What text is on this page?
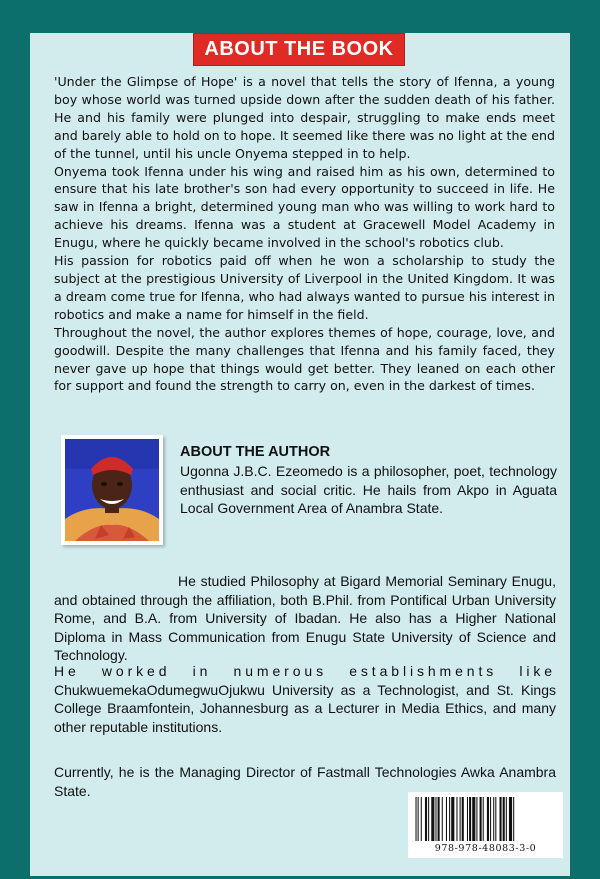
ABOUT THE BOOK

'Under the Glimpse of Hope' is a novel that tells the story of Ifenna, a young boy whose world was turned upside down after the sudden death of his father. He and his family were plunged into despair, struggling to make ends meet and barely able to hold on to hope. It seemed like there was no light at the end of the tunnel, until his uncle Onyema stepped in to help.

Onyema took Ifenna under his wing and raised him as his own, determined to ensure that his late brother's son had every opportunity to succeed in life. He saw in Ifenna a bright, determined young man who was willing to work hard to achieve his dreams. Ifenna was a student at Gracewell Model Academy in Enugu, where he quickly became involved in the school's robotics club.

His passion for robotics paid off when he won a scholarship to study the subject at the prestigious University of Liverpool in the United Kingdom. It was a dream come true for Ifenna, who had always wanted to pursue his interest in robotics and make a name for himself in the field.

Throughout the novel, the author explores themes of hope, courage, love, and goodwill. Despite the many challenges that Ifenna and his family faced, they never gave up hope that things would get better. They leaned on each other for support and found the strength to carry on, even in the darkest of times.

ABOUT THE AUTHOR
Ugonna J.B.C. Ezeomedo is a philosopher, poet, technology enthusiast and social critic. He hails from Akpo in Aguata Local Government Area of Anambra State.

He studied Philosophy at Bigard Memorial Seminary Enugu, and obtained through the affiliation, both B.Phil. from Pontifical Urban University Rome, and B.A. from University of Ibadan. He also has a Higher National Diploma in Mass Communication from Enugu State University of Science and Technology.

He worked in numerous establishments like ChukwuemekaOdumegwuOjukwu University as a Technologist, and St. Kings College Braamfontein, Johannesburg as a Lecturer in Media Ethics, and many other reputable institutions.

Currently, he is the Managing Director of Fastmall Technologies Awka Anambra State.

978-978-48083-3-0
